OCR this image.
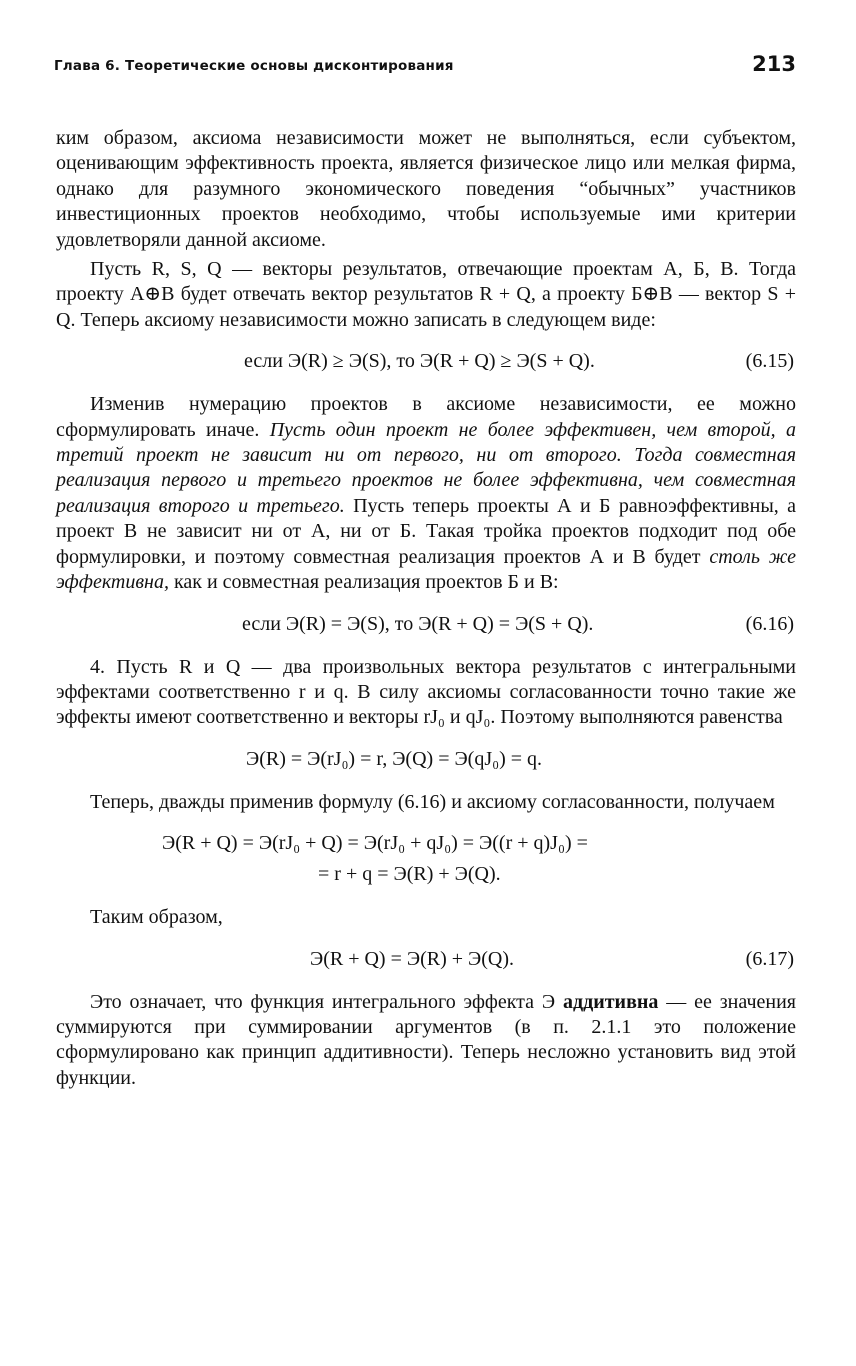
Глава 6. Теоретические основы дисконтирования	213

ким образом, аксиома независимости может не выполняться, если субъектом, оценивающим эффективность проекта, является физическое лицо или мелкая фирма, однако для разумного экономического поведения “обычных” участников инвестиционных проектов необходимо, чтобы используемые ими критерии удовлетворяли данной аксиоме.

Пусть R, S, Q — векторы результатов, отвечающие проектам А, Б, В. Тогда проекту А⊕В будет отвечать вектор результатов R + Q, а проекту Б⊕В — вектор S + Q. Теперь аксиому независимости можно записать в следующем виде:

если Э(R) ≥ Э(S), то Э(R + Q) ≥ Э(S + Q).	(6.15)

Изменив нумерацию проектов в аксиоме независимости, ее можно сформулировать иначе. Пусть один проект не более эффективен, чем второй, а третий проект не зависит ни от первого, ни от второго. Тогда совместная реализация первого и третьего проектов не более эффективна, чем совместная реализация второго и третьего. Пусть теперь проекты А и Б равноэффективны, а проект В не зависит ни от А, ни от Б. Такая тройка проектов подходит под обе формулировки, и поэтому совместная реализация проектов А и В будет столь же эффективна, как и совместная реализация проектов Б и В:

если Э(R) = Э(S), то Э(R + Q) = Э(S + Q).	(6.16)

4. Пусть R и Q — два произвольных вектора результатов с интегральными эффектами соответственно r и q. В силу аксиомы согласованности точно такие же эффекты имеют соответственно и векторы rJ₀ и qJ₀. Поэтому выполняются равенства

Э(R) = Э(rJ₀) = r, Э(Q) = Э(qJ₀) = q.

Теперь, дважды применив формулу (6.16) и аксиому согласованности, получаем

Э(R + Q) = Э(rJ₀ + Q) = Э(rJ₀ + qJ₀) = Э((r + q)J₀) =
= r + q = Э(R) + Э(Q).

Таким образом,

Э(R + Q) = Э(R) + Э(Q).	(6.17)

Это означает, что функция интегрального эффекта Э аддитивна — ее значения суммируются при суммировании аргументов (в п. 2.1.1 это положение сформулировано как принцип аддитивности). Теперь несложно установить вид этой функции.
